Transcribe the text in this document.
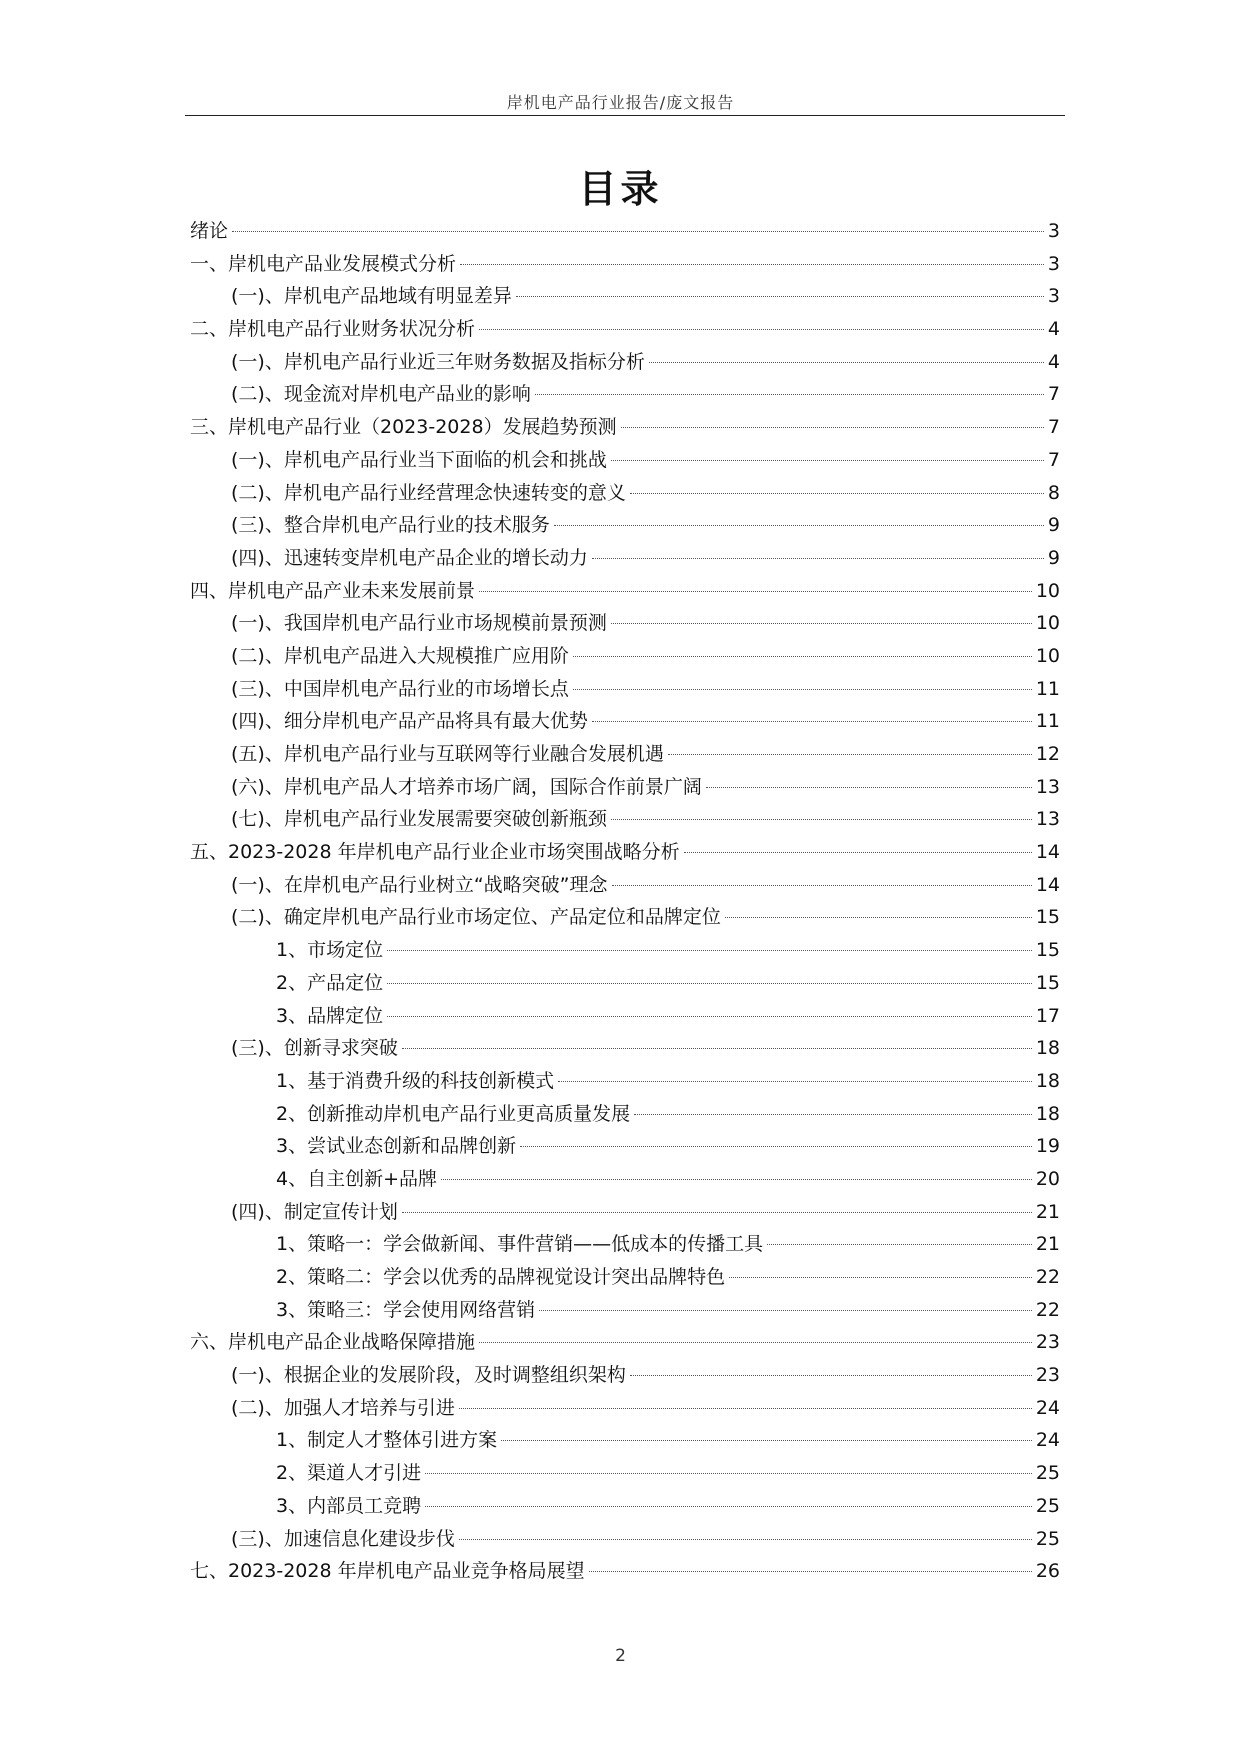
岸机电产品行业报告/庞文报告
目录
绪论	3
一、岸机电产品业发展模式分析	3
(一)、岸机电产品地域有明显差异	3
二、岸机电产品行业财务状况分析	4
(一)、岸机电产品行业近三年财务数据及指标分析	4
(二)、现金流对岸机电产品业的影响	7
三、岸机电产品行业（2023-2028）发展趋势预测	7
(一)、岸机电产品行业当下面临的机会和挑战	7
(二)、岸机电产品行业经营理念快速转变的意义	8
(三)、整合岸机电产品行业的技术服务	9
(四)、迅速转变岸机电产品企业的增长动力	9
四、岸机电产品产业未来发展前景	10
(一)、我国岸机电产品行业市场规模前景预测	10
(二)、岸机电产品进入大规模推广应用阶	10
(三)、中国岸机电产品行业的市场增长点	11
(四)、细分岸机电产品产品将具有最大优势	11
(五)、岸机电产品行业与互联网等行业融合发展机遇	12
(六)、岸机电产品人才培养市场广阔，国际合作前景广阔	13
(七)、岸机电产品行业发展需要突破创新瓶颈	13
五、2023-2028 年岸机电产品行业企业市场突围战略分析	14
(一)、在岸机电产品行业树立“战略突破”理念	14
(二)、确定岸机电产品行业市场定位、产品定位和品牌定位	15
1、市场定位	15
2、产品定位	15
3、品牌定位	17
(三)、创新寻求突破	18
1、基于消费升级的科技创新模式	18
2、创新推动岸机电产品行业更高质量发展	18
3、尝试业态创新和品牌创新	19
4、自主创新+品牌	20
(四)、制定宣传计划	21
1、策略一：学会做新闻、事件营销——低成本的传播工具	21
2、策略二：学会以优秀的品牌视觉设计突出品牌特色	22
3、策略三：学会使用网络营销	22
六、岸机电产品企业战略保障措施	23
(一)、根据企业的发展阶段，及时调整组织架构	23
(二)、加强人才培养与引进	24
1、制定人才整体引进方案	24
2、渠道人才引进	25
3、内部员工竞聘	25
(三)、加速信息化建设步伐	25
七、2023-2028 年岸机电产品业竞争格局展望	26
2
